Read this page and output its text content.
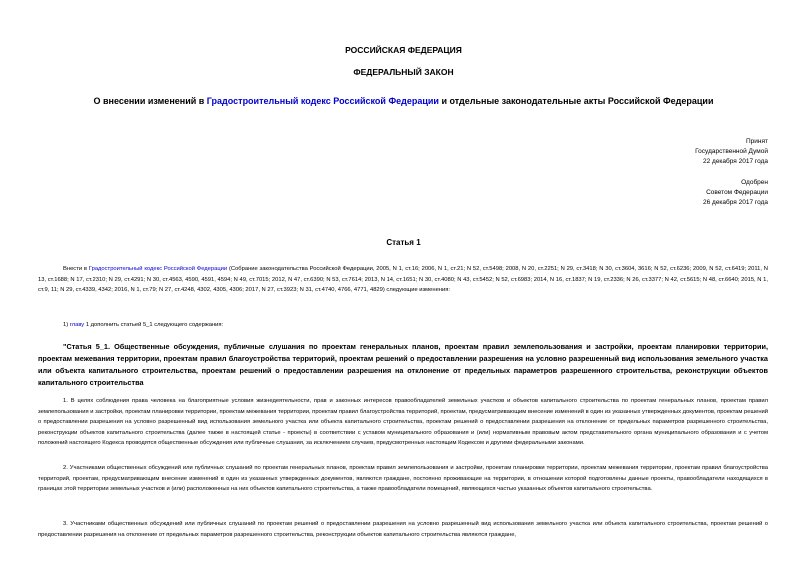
РОССИЙСКАЯ ФЕДЕРАЦИЯ
ФЕДЕРАЛЬНЫЙ ЗАКОН
О внесении изменений в Градостроительный кодекс Российской Федерации и отдельные законодательные акты Российской Федерации
Принят
Государственной Думой
22 декабря 2017 года
Одобрен
Советом Федерации
26 декабря 2017 года
Статья 1
Внести в Градостроительный кодекс Российской Федерации (Собрание законодательства Российской Федерации, 2005, N 1, ст.16; 2006, N 1, ст.21; N 52, ст.5498; 2008, N 20, ст.2251; N 29, ст.3418; N 30, ст.3604, 3616; N 52, ст.6236; 2009, N 52, ст.6419; 2011, N 13, ст.1688; N 17, ст.2310; N 29, ст.4291; N 30, ст.4563, 4590, 4591, 4594; N 49, ст.7015; 2012, N 47, ст.6390; N 53, ст.7614; 2013, N 14, ст.1651; N 30, ст.4080; N 43, ст.5452; N 52, ст.6983; 2014, N 16, ст.1837; N 19, ст.2336; N 26, ст.3377; N 42, ст.5615; N 48, ст.6640; 2015, N 1, ст.9, 11; N 29, ст.4339, 4342; 2016, N 1, ст.79; N 27, ст.4248, 4302, 4305, 4306; 2017, N 27, ст.3923; N 31, ст.4740, 4766, 4771, 4829) следующие изменения:
1) главу 1 дополнить статьей 5_1 следующего содержания:
"Статья 5_1. Общественные обсуждения, публичные слушания по проектам генеральных планов, проектам правил землепользования и застройки, проектам планировки территории, проектам межевания территории, проектам правил благоустройства территорий, проектам решений о предоставлении разрешения на условно разрешенный вид использования земельного участка или объекта капитального строительства, проектам решений о предоставлении разрешения на отклонение от предельных параметров разрешенного строительства, реконструкции объектов капитального строительства
1. В целях соблюдения права человека на благоприятные условия жизнедеятельности, прав и законных интересов правообладателей земельных участков и объектов капитального строительства по проектам генеральных планов, проектам правил землепользования и застройки, проектам планировки территории, проектам межевания территории, проектам правил благоустройства территорий, проектам, предусматривающим внесение изменений в один из указанных утвержденных документов, проектам решений о предоставлении разрешения на условно разрешенный вид использования земельного участка или объекта капитального строительства, проектам решений о предоставлении разрешения на отклонение от предельных параметров разрешенного строительства, реконструкции объектов капитального строительства (далее также в настоящей статье - проекты) в соответствии с уставом муниципального образования и (или) нормативным правовым актом представительного органа муниципального образования и с учетом положений настоящего Кодекса проводятся общественные обсуждения или публичные слушания, за исключением случаев, предусмотренных настоящим Кодексом и другими федеральными законами.
2. Участниками общественных обсуждений или публичных слушаний по проектам генеральных планов, проектам правил землепользования и застройки, проектам планировки территории, проектам межевания территории, проектам правил благоустройства территорий, проектам, предусматривающим внесение изменений в один из указанных утвержденных документов, являются граждане, постоянно проживающие на территории, в отношении которой подготовлены данные проекты, правообладатели находящихся в границах этой территории земельных участков и (или) расположенных на них объектов капитального строительства, а также правообладатели помещений, являющихся частью указанных объектов капитального строительства.
3. Участниками общественных обсуждений или публичных слушаний по проектам решений о предоставлении разрешения на условно разрешенный вид использования земельного участка или объекта капитального строительства, проектам решений о предоставлении разрешения на отклонение от предельных параметров разрешенного строительства, реконструкции объектов капитального строительства являются граждане,
